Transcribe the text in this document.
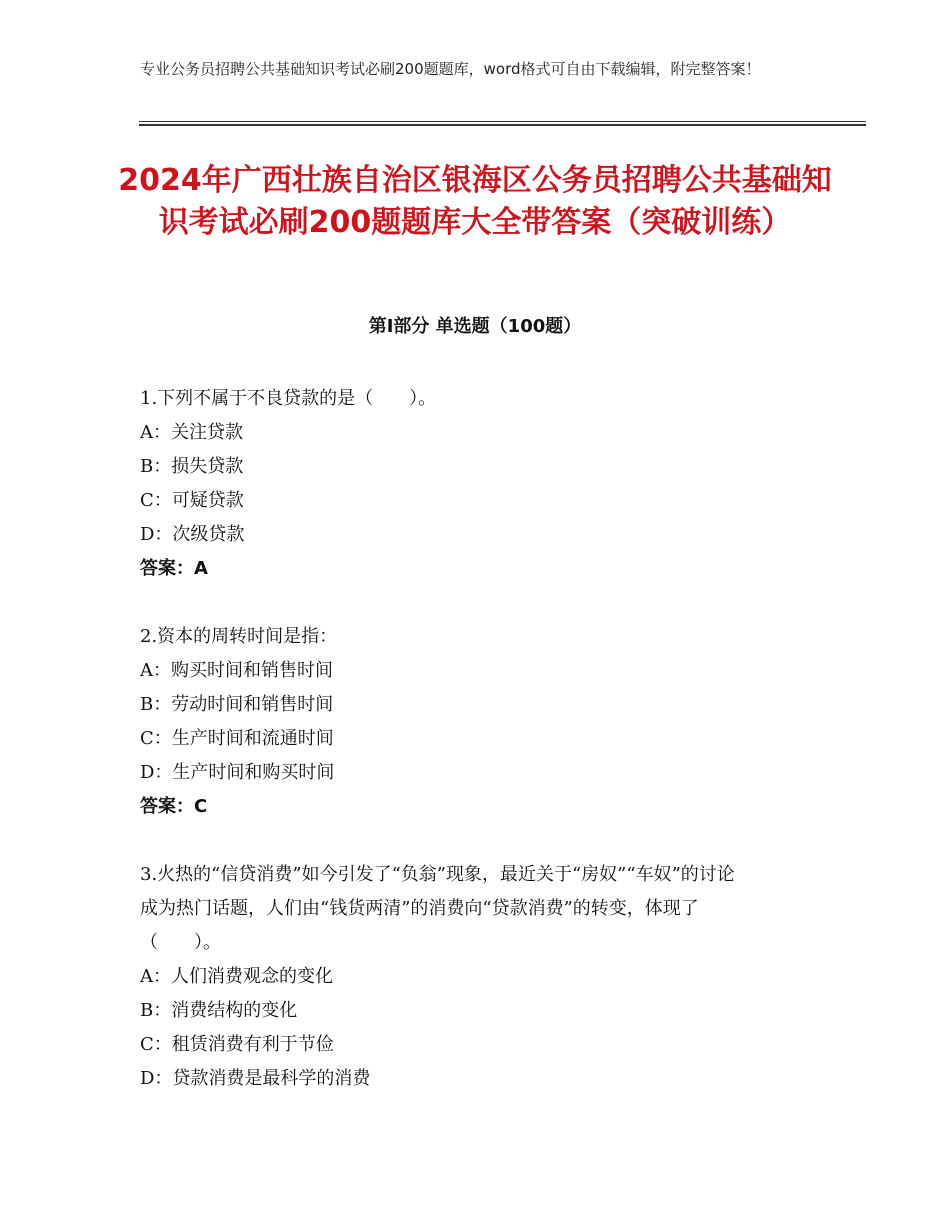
专业公务员招聘公共基础知识考试必刷200题题库，word格式可自由下载编辑，附完整答案！
2024年广西壮族自治区银海区公务员招聘公共基础知识考试必刷200题题库大全带答案（突破训练）
第Ⅰ部分 单选题（100题）
1.下列不属于不良贷款的是（　　）。
A：关注贷款
B：损失贷款
C：可疑贷款
D：次级贷款
答案：A
2.资本的周转时间是指：
A：购买时间和销售时间
B：劳动时间和销售时间
C：生产时间和流通时间
D：生产时间和购买时间
答案：C
3.火热的“信贷消费”如今引发了“负翁”现象，最近关于“房奴”“车奴”的讨论成为热门话题，人们由“钱货两清”的消费向“贷款消费”的转变，体现了（　　）。
A：人们消费观念的变化
B：消费结构的变化
C：租赁消费有利于节俭
D：贷款消费是最科学的消费
